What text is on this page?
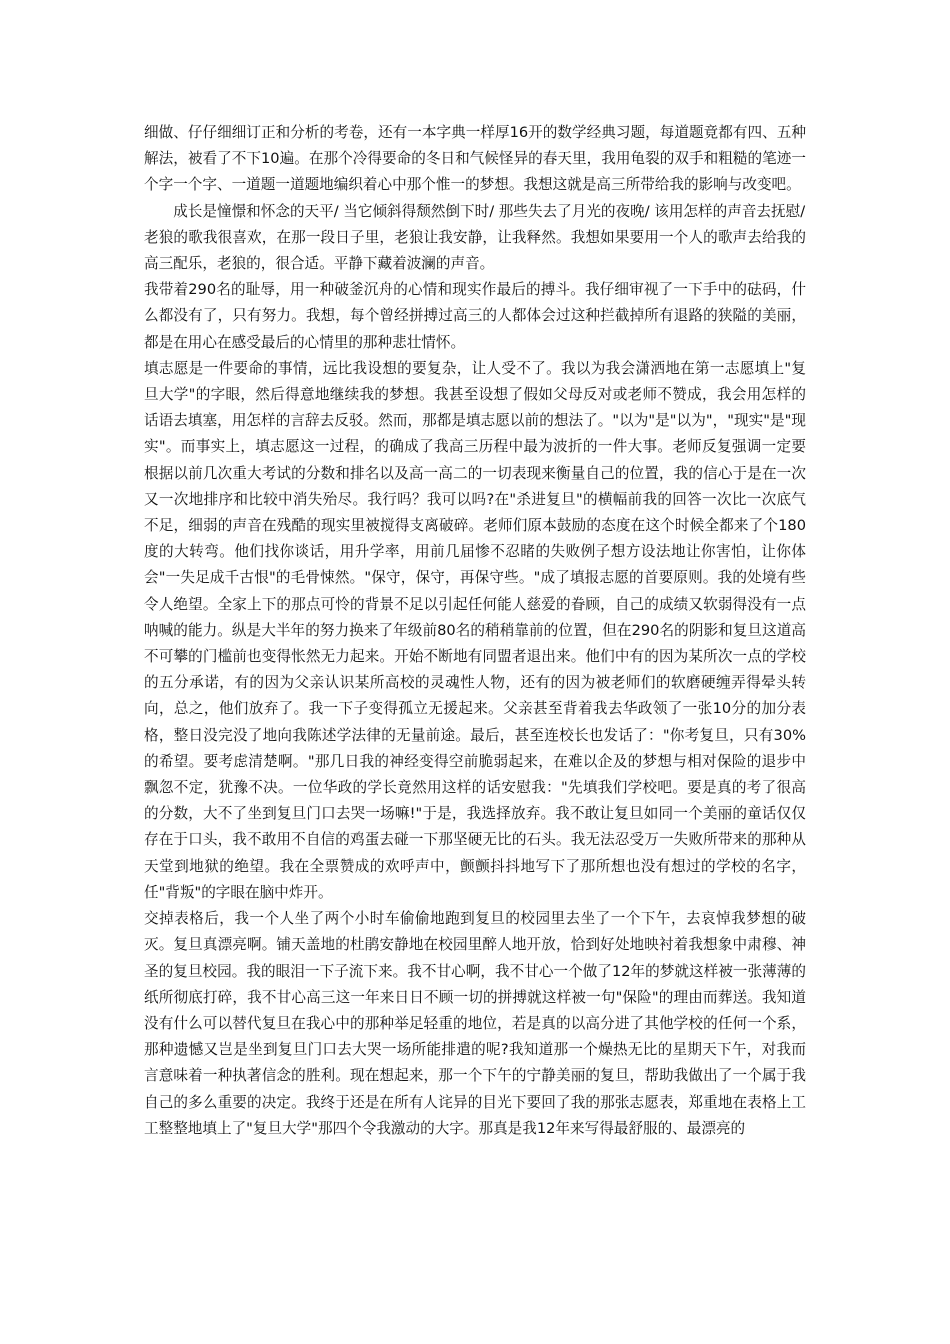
细做、仔仔细细订正和分析的考卷，还有一本字典一样厚16开的数学经典习题，每道题竟都有四、五种解法，被看了不下10遍。在那个冷得要命的冬日和气候怪异的春天里，我用龟裂的双手和粗糙的笔迹一个字一个字、一道题一道题地编织着心中那个惟一的梦想。我想这就是高三所带给我的影响与改变吧。

成长是憧憬和怀念的天平/ 当它倾斜得颓然倒下时/ 那些失去了月光的夜晚/ 该用怎样的声音去抚慰/

老狼的歌我很喜欢，在那一段日子里，老狼让我安静，让我释然。我想如果要用一个人的歌声去给我的高三配乐，老狼的，很合适。平静下藏着波澜的声音。

我带着290名的耻辱，用一种破釜沉舟的心情和现实作最后的搏斗。我仔细审视了一下手中的砝码，什么都没有了，只有努力。我想，每个曾经拼搏过高三的人都体会过这种拦截掉所有退路的狭隘的美丽，都是在用心在感受最后的心情里的那种悲壮情怀。

填志愿是一件要命的事情，远比我设想的要复杂，让人受不了。我以为我会潇洒地在第一志愿填上"复旦大学"的字眼，然后得意地继续我的梦想。我甚至设想了假如父母反对或老师不赞成，我会用怎样的话语去填塞，用怎样的言辞去反驳。然而，那都是填志愿以前的想法了。"以为"是"以为"，"现实"是"现实"。而事实上，填志愿这一过程，的确成了我高三历程中最为波折的一件大事。老师反复强调一定要根据以前几次重大考试的分数和排名以及高一高二的一切表现来衡量自己的位置，我的信心于是在一次又一次地排序和比较中消失殆尽。我行吗？我可以吗?在"杀进复旦"的横幅前我的回答一次比一次底气不足，细弱的声音在残酷的现实里被搅得支离破碎。老师们原本鼓励的态度在这个时候全都来了个180度的大转弯。他们找你谈话，用升学率，用前几届惨不忍睹的失败例子想方设法地让你害怕，让你体会"一失足成千古恨"的毛骨悚然。"保守，保守，再保守些。"成了填报志愿的首要原则。我的处境有些令人绝望。全家上下的那点可怜的背景不足以引起任何能人慈爱的眷顾，自己的成绩又软弱得没有一点呐喊的能力。纵是大半年的努力换来了年级前80名的稍稍靠前的位置，但在290名的阴影和复旦这道高不可攀的门槛前也变得怅然无力起来。开始不断地有同盟者退出来。他们中有的因为某所次一点的学校的五分承诺，有的因为父亲认识某所高校的灵魂性人物，还有的因为被老师们的软磨硬缠弄得晕头转向，总之，他们放弃了。我一下子变得孤立无援起来。父亲甚至背着我去华政领了一张10分的加分表格，整日没完没了地向我陈述学法律的无量前途。最后，甚至连校长也发话了："你考复旦，只有30%的希望。要考虑清楚啊。"那几日我的神经变得空前脆弱起来，在难以企及的梦想与相对保险的退步中飘忽不定，犹豫不决。一位华政的学长竟然用这样的话安慰我："先填我们学校吧。要是真的考了很高的分数，大不了坐到复旦门口去哭一场嘛!"于是，我选择放弃。我不敢让复旦如同一个美丽的童话仅仅存在于口头，我不敢用不自信的鸡蛋去碰一下那坚硬无比的石头。我无法忍受万一失败所带来的那种从天堂到地狱的绝望。我在全票赞成的欢呼声中，颤颤抖抖地写下了那所想也没有想过的学校的名字，任"背叛"的字眼在脑中炸开。

交掉表格后，我一个人坐了两个小时车偷偷地跑到复旦的校园里去坐了一个下午，去哀悼我梦想的破灭。复旦真漂亮啊。铺天盖地的杜鹃安静地在校园里醉人地开放，恰到好处地映衬着我想象中肃穆、神圣的复旦校园。我的眼泪一下子流下来。我不甘心啊，我不甘心一个做了12年的梦就这样被一张薄薄的纸所彻底打碎，我不甘心高三这一年来日日不顾一切的拼搏就这样被一句"保险"的理由而葬送。我知道没有什么可以替代复旦在我心中的那种举足轻重的地位，若是真的以高分进了其他学校的任何一个系，那种遗憾又岂是坐到复旦门口去大哭一场所能排遣的呢?我知道那一个燥热无比的星期天下午，对我而言意味着一种执著信念的胜利。现在想起来，那一个下午的宁静美丽的复旦，帮助我做出了一个属于我自己的多么重要的决定。我终于还是在所有人诧异的目光下要回了我的那张志愿表，郑重地在表格上工工整整地填上了"复旦大学"那四个令我激动的大字。那真是我12年来写得最舒服的、最漂亮的
